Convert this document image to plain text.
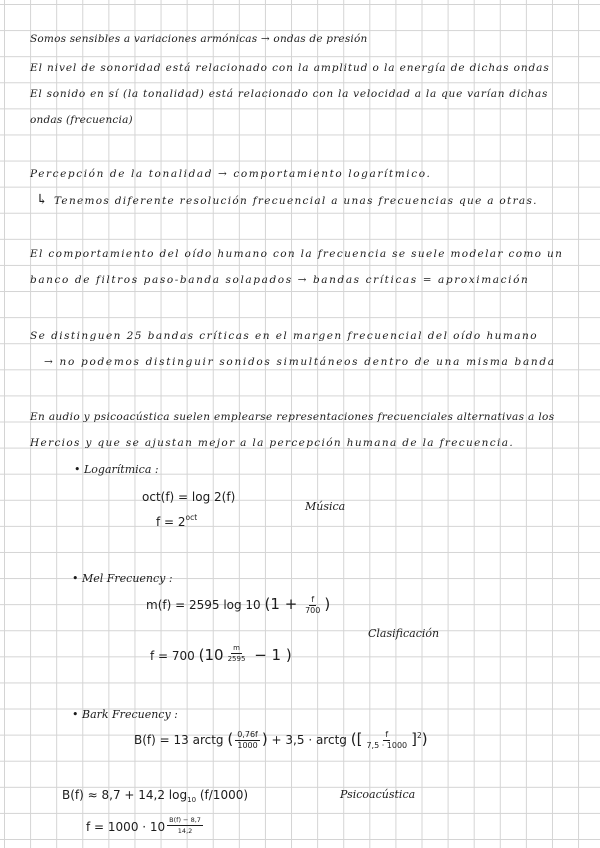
Somos sensibles a variaciones armónicas → ondas de presión
El nivel de sonoridad está relacionado con la amplitud o la energía de dichas ondas
El sonido en sí (la tonalidad) está relacionado con la velocidad a la que varían dichas
ondas (frecuencia)
Percepción de la tonalidad → comportamiento logarítmico.
↳ Tenemos diferente resolución frecuencial a unas frecuencias que a otras.
El comportamiento del oído humano con la frecuencia se suele modelar como un
banco de filtros paso-banda solapados → bandas críticas = aproximación
Se distinguen 25 bandas críticas en el margen frecuencial del oído humano
→ no podemos distinguir sonidos simultáneos dentro de una misma banda
En audio y psicoacústica suelen emplearse representaciones frecuenciales alternativas a los
Hercios y que se ajustan mejor a la percepción humana de la frecuencia.
• Logarítmica :
oct(f) = log 2(f)
$f = 2^{oct}$
Música
• Mel Frecuency :
m(f) = 2595 log 10 ($1 + \frac{f}{700}$ )
Clasificación
f = 700 ($10 \frac{m}{2595} - 1$ )
• Bark Frecuency :
B(f) = 13 arctg ( $\frac{0,76f}{1000}$ ) + 3,5 · arctg ([ $\frac{f}{7,5 \cdot 1000} ]^2$)
B(f) ≈ 8,7 + 14,2 $\log_{10} (f/1000)$	Psicoacústica
$f = 1000 \cdot 10 \frac{B(f) - 8,7}{14,2}$
